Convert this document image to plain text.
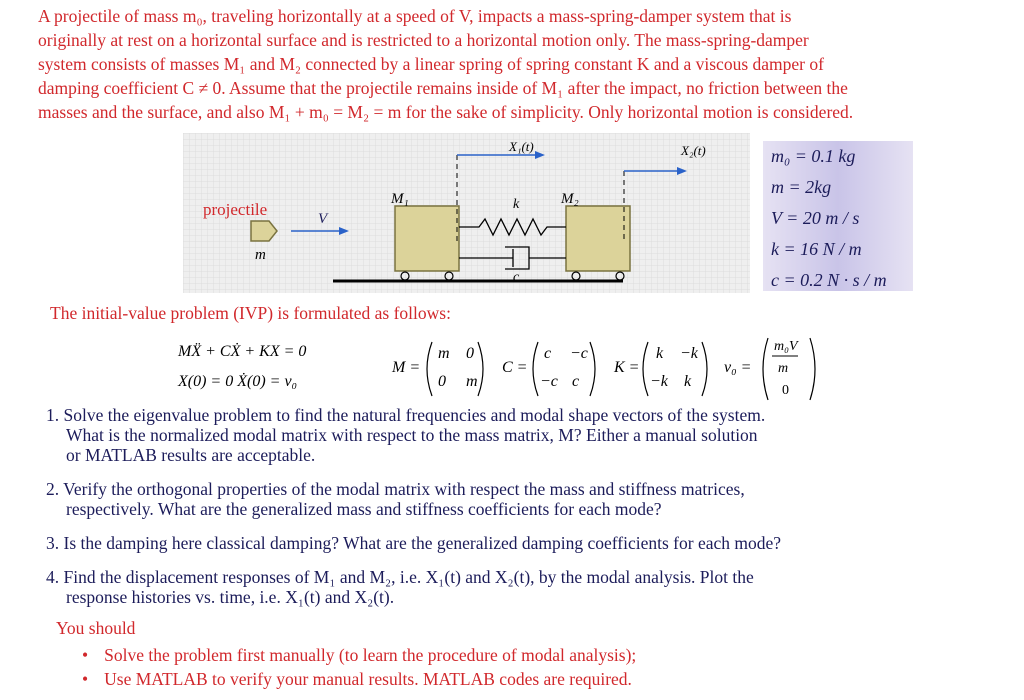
A projectile of mass m₀, traveling horizontally at a speed of V, impacts a mass-spring-damper system that is
originally at rest on a horizontal surface and is restricted to a horizontal motion only. The mass-spring-damper
system consists of masses M₁ and M₂ connected by a linear spring of spring constant K and a viscous damper of
damping coefficient C ≠ 0. Assume that the projectile remains inside of M₁ after the impact, no friction between the
masses and the surface, and also M₁ + m₀ = M₂ = m for the sake of simplicity. Only horizontal motion is considered.
X₁(t)	X₂(t)
M₁	M₂
k
c
projectile	V
m
m₀ = 0.1 kg
m = 2kg
V = 20 m / s
k = 16 N / m
c = 0.2 N · s / m
The initial-value problem (IVP) is formulated as follows:
MẌ + CẊ + KX = 0
X(0) = 0 Ẋ(0) = v₀
M =
m 0
0 m
C =
c −c
−c c
K =
k −k
−k k
v₀ =
m₀V
m
0
1. Solve the eigenvalue problem to find the natural frequencies and modal shape vectors of the system.
What is the normalized modal matrix with respect to the mass matrix, M? Either a manual solution
or MATLAB results are acceptable.
2. Verify the orthogonal properties of the modal matrix with respect the mass and stiffness matrices,
respectively. What are the generalized mass and stiffness coefficients for each mode?
3. Is the damping here classical damping? What are the generalized damping coefficients for each mode?
4. Find the displacement responses of M₁ and M₂, i.e. X₁(t) and X₂(t), by the modal analysis. Plot the
response histories vs. time, i.e. X₁(t) and X₂(t).
You should
• Solve the problem first manually (to learn the procedure of modal analysis);
• Use MATLAB to verify your manual results. MATLAB codes are required.
